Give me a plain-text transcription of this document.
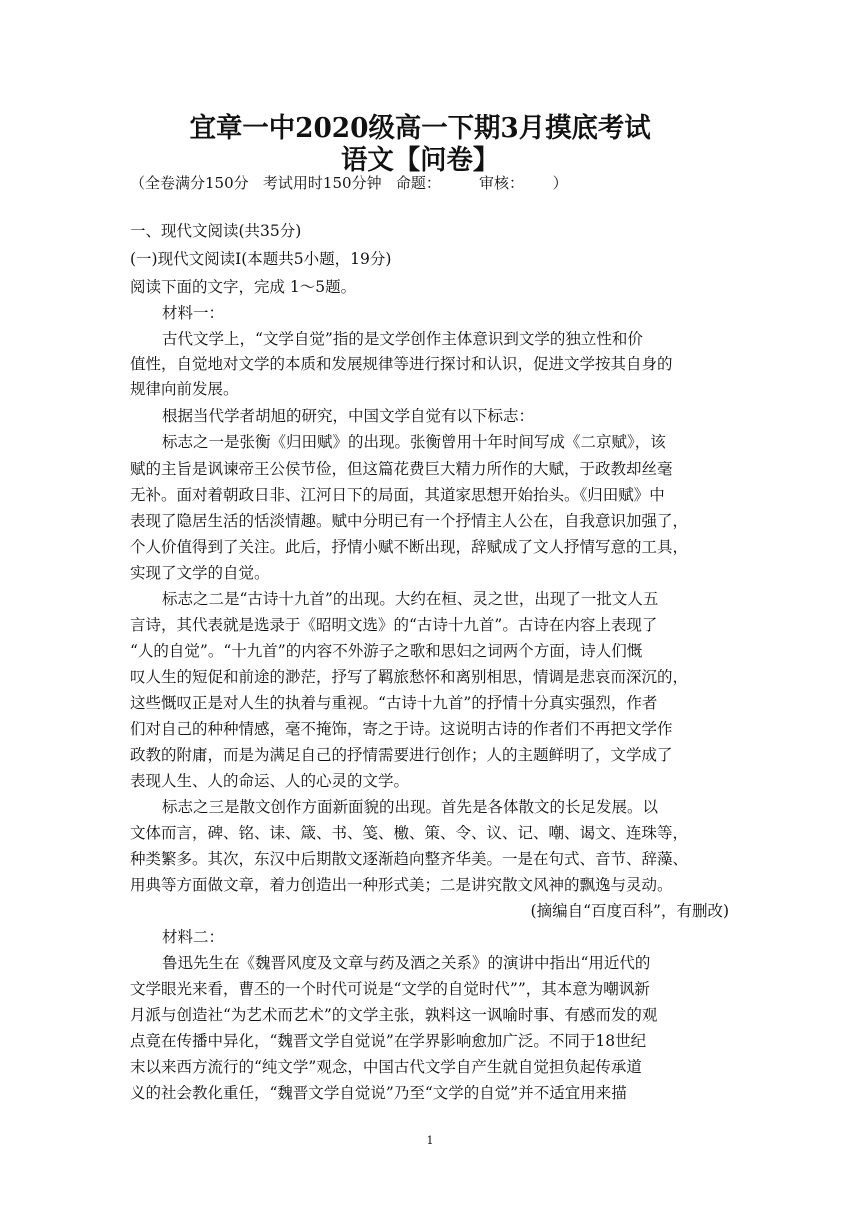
宜章一中2020级高一下期3月摸底考试
语文【问卷】
（全卷满分150分   考试用时150分钟   命题：        审核：      ）
一、现代文阅读(共35分)
(一)现代文阅读Ⅰ(本题共5小题，19分)
阅读下面的文字，完成 1～5题。
材料一：
古代文学上，“文学自觉”指的是文学创作主体意识到文学的独立性和价
值性，自觉地对文学的本质和发展规律等进行探讨和认识，促进文学按其自身的
规律向前发展。
根据当代学者胡旭的研究，中国文学自觉有以下标志：
标志之一是张衡《归田赋》的出现。张衡曾用十年时间写成《二京赋》，该
赋的主旨是讽谏帝王公侯节俭，但这篇花费巨大精力所作的大赋，于政教却丝毫
无补。面对着朝政日非、江河日下的局面，其道家思想开始抬头。《归田赋》中
表现了隐居生活的恬淡情趣。赋中分明已有一个抒情主人公在，自我意识加强了，
个人价值得到了关注。此后，抒情小赋不断出现，辞赋成了文人抒情写意的工具，
实现了文学的自觉。
标志之二是“古诗十九首”的出现。大约在桓、灵之世，出现了一批文人五
言诗，其代表就是选录于《昭明文选》的“古诗十九首”。古诗在内容上表现了
“人的自觉”。“十九首”的内容不外游子之歌和思妇之词两个方面，诗人们慨
叹人生的短促和前途的渺茫，抒写了羁旅愁怀和离别相思，情调是悲哀而深沉的，
这些慨叹正是对人生的执着与重视。“古诗十九首”的抒情十分真实强烈，作者
们对自己的种种情感，毫不掩饰，寄之于诗。这说明古诗的作者们不再把文学作
政教的附庸，而是为满足自己的抒情需要进行创作；人的主题鲜明了，文学成了
表现人生、人的命运、人的心灵的文学。
标志之三是散文创作方面新面貌的出现。首先是各体散文的长足发展。以
文体而言，碑、铭、诔、箴、书、笺、檄、策、令、议、记、嘲、谒文、连珠等，
种类繁多。其次，东汉中后期散文逐渐趋向整齐华美。一是在句式、音节、辞藻、
用典等方面做文章，着力创造出一种形式美；二是讲究散文风神的飘逸与灵动。
(摘编自“百度百科”，有删改)
材料二：
鲁迅先生在《魏晋风度及文章与药及酒之关系》的演讲中指出“用近代的
文学眼光来看，曹丕的一个时代可说是“文学的自觉时代””，其本意为嘲讽新
月派与创造社“为艺术而艺术”的文学主张，孰料这一讽喻时事、有感而发的观
点竟在传播中异化，“魏晋文学自觉说”在学界影响愈加广泛。不同于18世纪
末以来西方流行的“纯文学”观念，中国古代文学自产生就自觉担负起传承道
义的社会教化重任，“魏晋文学自觉说”乃至“文学的自觉”并不适宜用来描
1
